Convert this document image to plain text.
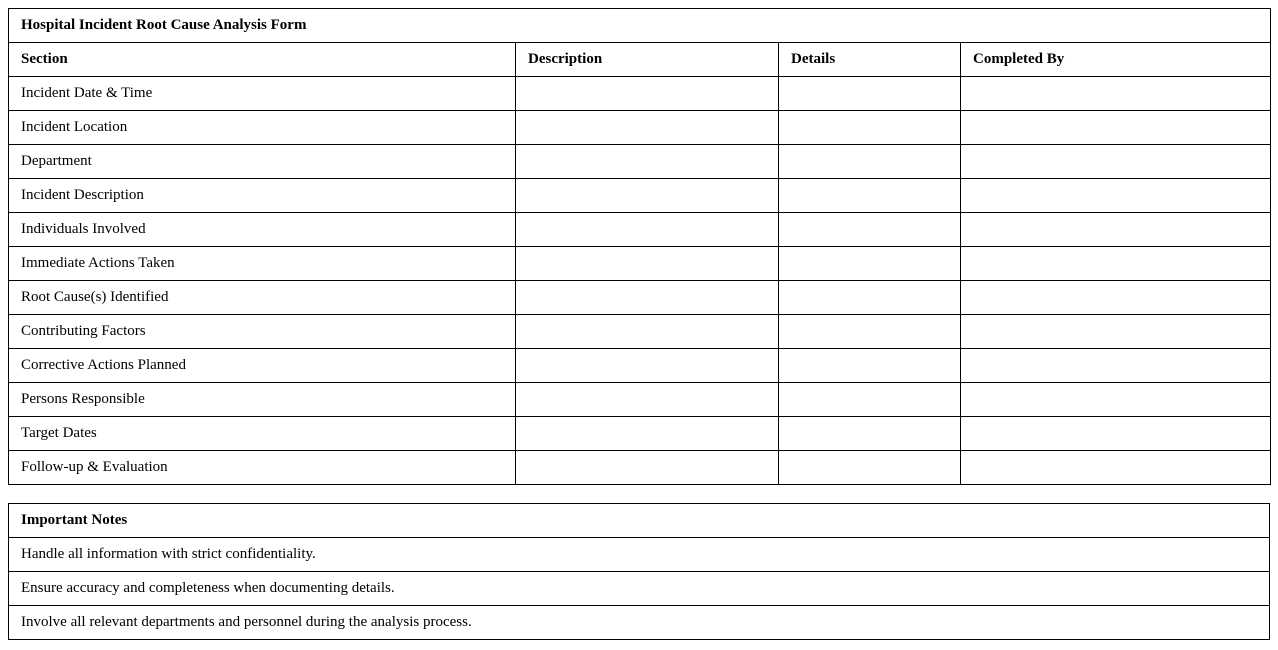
Hospital Incident Root Cause Analysis Form			
Section	Description	Details	Completed By
Incident Date & Time			
Incident Location			
Department			
Incident Description			
Individuals Involved			
Immediate Actions Taken			
Root Cause(s) Identified			
Contributing Factors			
Corrective Actions Planned			
Persons Responsible			
Target Dates			
Follow-up & Evaluation			
Important Notes
Handle all information with strict confidentiality.
Ensure accuracy and completeness when documenting details.
Involve all relevant departments and personnel during the analysis process.
